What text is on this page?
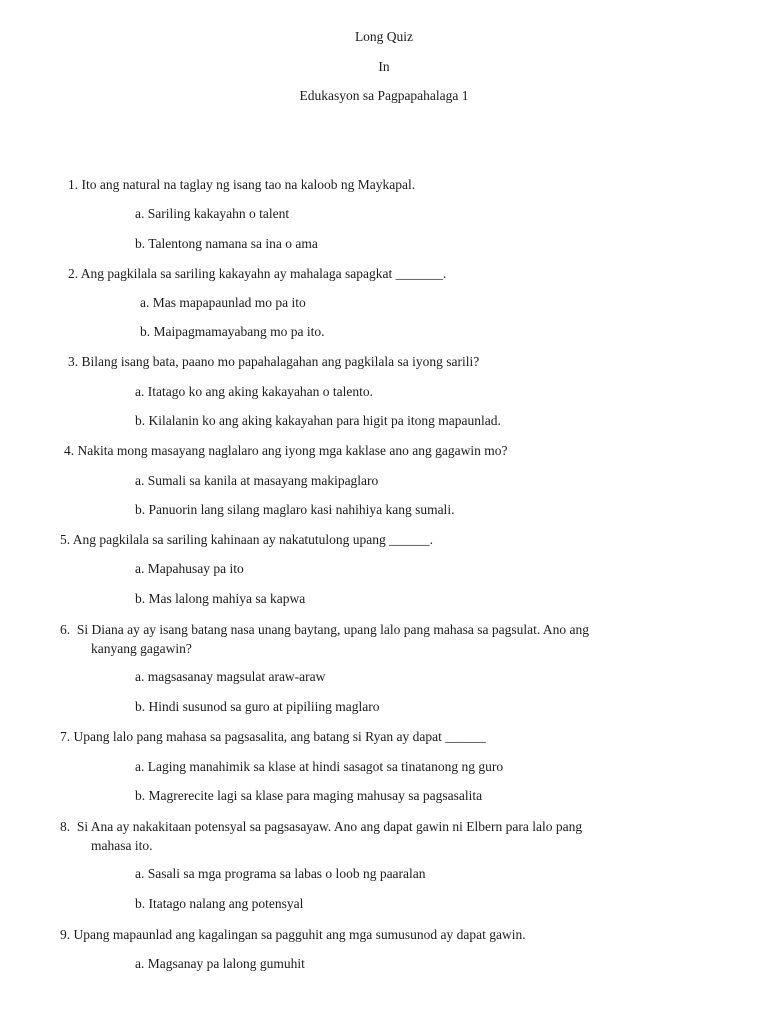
Long Quiz
In
Edukasyon sa Pagpapahalaga 1
1. Ito ang natural na taglay ng isang tao na kaloob ng Maykapal.
a. Sariling kakayahn o talent
b. Talentong namana sa ina o ama
2. Ang pagkilala sa sariling kakayahn ay mahalaga sapagkat _______.
a. Mas mapapaunlad mo pa ito
b. Maipagmamayabang mo pa ito.
3. Bilang isang bata, paano mo papahalagahan ang pagkilala sa iyong sarili?
a. Itatago ko ang aking kakayahan o talento.
b. Kilalanin ko ang aking kakayahan para higit pa itong mapaunlad.
4. Nakita mong masayang naglalaro ang iyong mga kaklase ano ang gagawin mo?
a. Sumali sa kanila at masayang makipaglaro
b. Panuorin lang silang maglaro kasi nahihiya kang sumali.
5. Ang pagkilala sa sariling kahinaan ay nakatutulong upang ______.
a. Mapahusay pa ito
b. Mas lalong mahiya sa kapwa
6. Si Diana ay ay isang batang nasa unang baytang, upang lalo pang mahasa sa pagsulat. Ano ang
kanyang gagawin?
a. magsasanay magsulat araw-araw
b. Hindi susunod sa guro at pipiliing maglaro
7. Upang lalo pang mahasa sa pagsasalita, ang batang si Ryan ay dapat ______
a. Laging manahimik sa klase at hindi sasagot sa tinatanong ng guro
b. Magrerecite lagi sa klase para maging mahusay sa pagsasalita
8. Si Ana ay nakakitaan potensyal sa pagsasayaw. Ano ang dapat gawin ni Elbern para lalo pang
mahasa ito.
a. Sasali sa mga programa sa labas o loob ng paaralan
b. Itatago nalang ang potensyal
9. Upang mapaunlad ang kagalingan sa pagguhit ang mga sumusunod ay dapat gawin.
a. Magsanay pa lalong gumuhit
